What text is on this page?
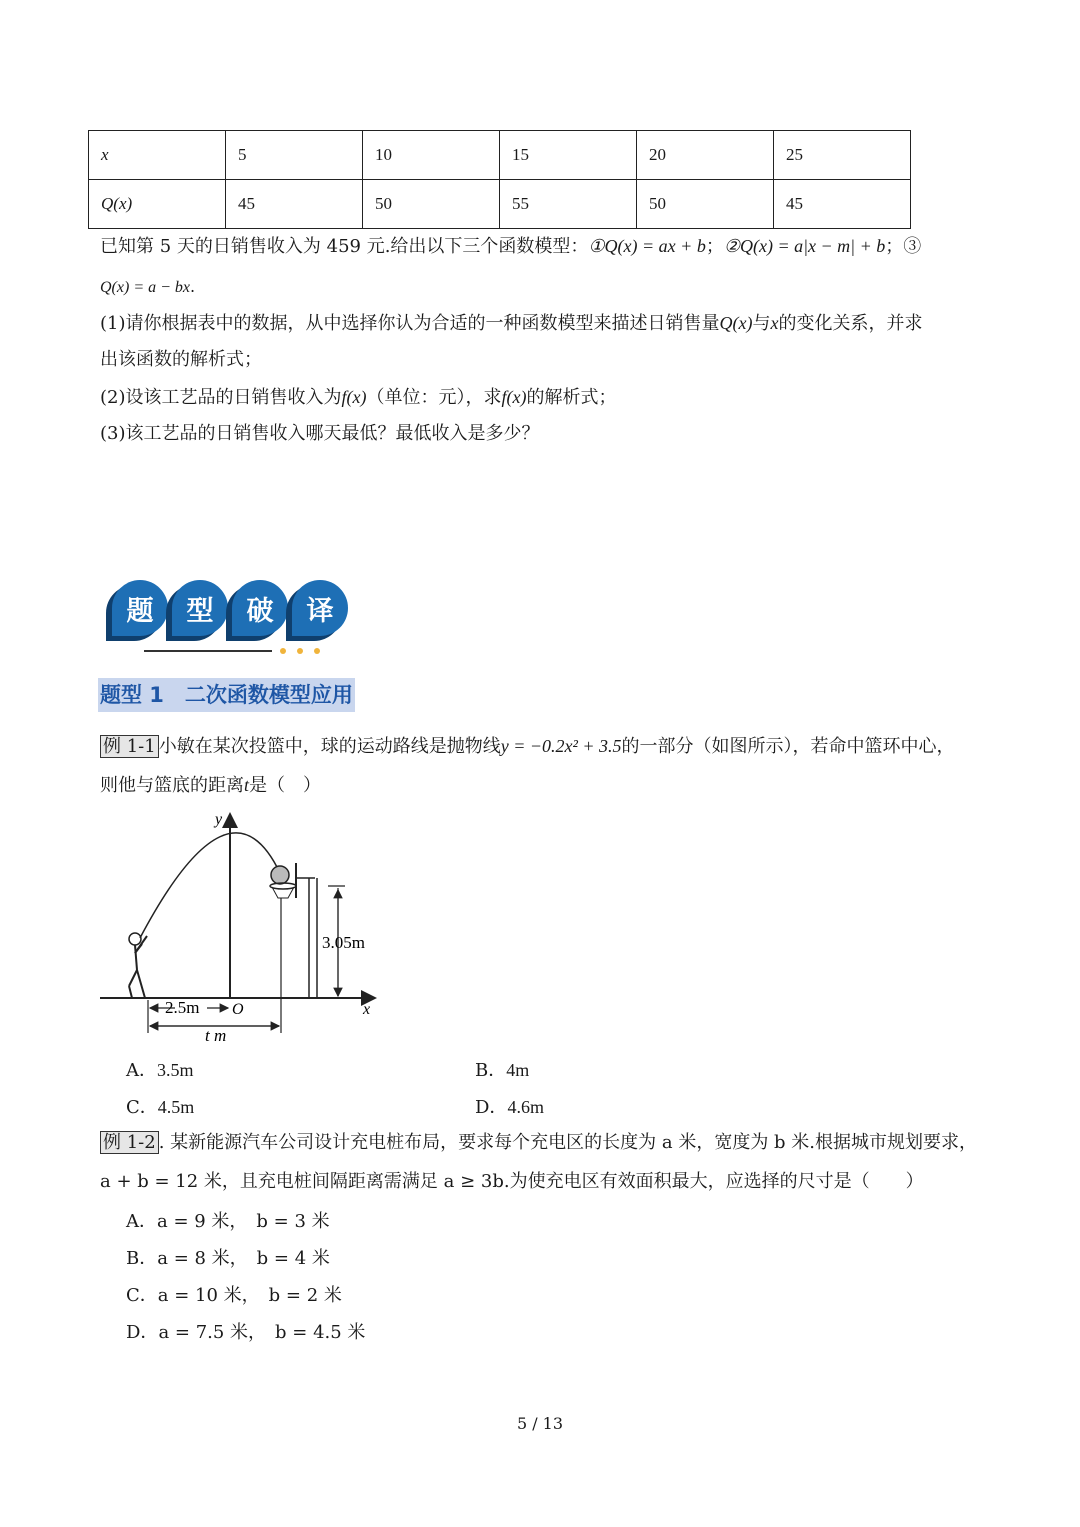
x	5	10	15	20	25
Q(x)	45	50	55	50	45
已知第 5 天的日销售收入为 459 元.给出以下三个函数模型：①Q(x) = ax + b；②Q(x) = a|x − m| + b；③
Q(x) = a − bx.
(1)请你根据表中的数据，从中选择你认为合适的一种函数模型来描述日销售量Q(x)与x的变化关系，并求
出该函数的解析式；
(2)设该工艺品的日销售收入为f(x)（单位：元），求f(x)的解析式；
(3)该工艺品的日销售收入哪天最低？最低收入是多少？
题	型	破	译
题型 1　二次函数模型应用
例 1-1 小敏在某次投篮中，球的运动路线是抛物线y = −0.2x² + 3.5的一部分（如图所示），若命中篮环中心，
则他与篮底的距离t是（　）
y
x
O
3.05m
2.5m
t m
A．3.5m	B．4m
C．4.5m	D．4.6m
例 1-2 . 某新能源汽车公司设计充电桩布局，要求每个充电区的长度为 a 米，宽度为 b 米.根据城市规划要求，
a + b = 12 米，且充电桩间隔距离需满足 a ≥ 3b.为使充电区有效面积最大，应选择的尺寸是（　　）
A．a = 9 米，　b = 3 米
B．a = 8 米，　b = 4 米
C．a = 10 米，　b = 2 米
D．a = 7.5 米，　b = 4.5 米
5 / 13
